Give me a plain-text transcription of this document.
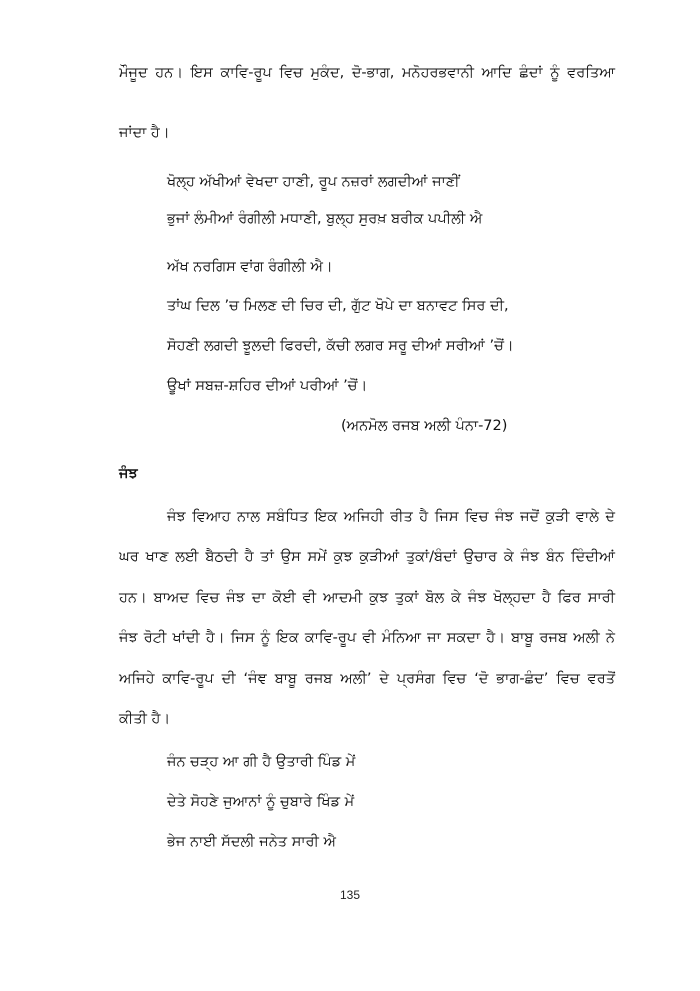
ਮੌਜੂਦ ਹਨ। ਇਸ ਕਾਵਿ-ਰੂਪ ਵਿਚ ਮੁਕੰਦ, ਦੋ-ਭਾਗ, ਮਨੋਹਰਭਵਾਨੀ ਆਦਿ ਛੰਦਾਂ ਨੂੰ ਵਰਤਿਆ
ਜਾਂਦਾ ਹੈ।
ਖੋਲ੍ਹ ਅੱਖੀਆਂ ਵੇਖਦਾ ਹਾਣੀ, ਰੂਪ ਨਜ਼ਰਾਂ ਲਗਦੀਆਂ ਜਾਣੀਂ
ਭੁਜਾਂ ਲੰਮੀਆਂ ਰੰਗੀਲੀ ਮਧਾਣੀ, ਬੁਲ੍ਹ ਸੁਰਖ਼ ਬਰੀਕ ਪਪੀਲੀ ਐ
ਅੱਖ ਨਰਗਿਸ ਵਾਂਗ ਰੰਗੀਲੀ ਐ।
ਤਾਂਘ ਦਿਲ ’ਚ ਮਿਲਣ ਦੀ ਚਿਰ ਦੀ, ਗੁੱਟ ਖੋਪੇ ਦਾ ਬਨਾਵਟ ਸਿਰ ਦੀ,
ਸੋਹਣੀ ਲਗਦੀ ਝੂਲਦੀ ਫਿਰਦੀ, ਕੱਚੀ ਲਗਰ ਸਰੂ ਦੀਆਂ ਸਰੀਆਂ ’ਚੋਂ।
ਊਖਾਂ ਸਬਜ਼-ਸ਼ਹਿਰ ਦੀਆਂ ਪਰੀਆਂ ’ਚੋਂ।
(ਅਨਮੋਲ ਰਜਬ ਅਲੀ ਪੰਨਾ-72)
ਜੰਝ
ਜੰਝ ਵਿਆਹ ਨਾਲ ਸਬੰਧਿਤ ਇਕ ਅਜਿਹੀ ਰੀਤ ਹੈ ਜਿਸ ਵਿਚ ਜੰਝ ਜਦੋਂ ਕੁੜੀ ਵਾਲੇ ਦੇ
ਘਰ ਖਾਣ ਲਈ ਬੈਠਦੀ ਹੈ ਤਾਂ ਉਸ ਸਮੇਂ ਕੁਝ ਕੁੜੀਆਂ ਤੁਕਾਂ/ਬੰਦਾਂ ਉਚਾਰ ਕੇ ਜੰਝ ਬੰਨ ਦਿੰਦੀਆਂ
ਹਨ। ਬਾਅਦ ਵਿਚ ਜੰਝ ਦਾ ਕੋਈ ਵੀ ਆਦਮੀ ਕੁਝ ਤੁਕਾਂ ਬੋਲ ਕੇ ਜੰਝ ਖੋਲ੍ਹਦਾ ਹੈ ਫਿਰ ਸਾਰੀ
ਜੰਝ ਰੋਟੀ ਖਾਂਦੀ ਹੈ। ਜਿਸ ਨੂੰ ਇਕ ਕਾਵਿ-ਰੂਪ ਵੀ ਮੰਨਿਆ ਜਾ ਸਕਦਾ ਹੈ। ਬਾਬੂ ਰਜਬ ਅਲੀ ਨੇ
ਅਜਿਹੇ ਕਾਵਿ-ਰੂਪ ਦੀ ‘ਜੰਞ ਬਾਬੂ ਰਜਬ ਅਲੀ’ ਦੇ ਪ੍ਰਸੰਗ ਵਿਚ ‘ਦੋ ਭਾਗ-ਛੰਦ’ ਵਿਚ ਵਰਤੋਂ
ਕੀਤੀ ਹੈ।
ਜੰਨ ਚੜ੍ਹ ਆ ਗੀ ਹੈ ਉਤਾਰੀ ਪਿੰਡ ਮੇਂ
ਦੇਤੇ ਸੋਹਣੇ ਜੁਆਨਾਂ ਨੂੰ ਚੁਬਾਰੇ ਖਿੰਡ ਮੇਂ
ਭੇਜ ਨਾਈ ਸੱਦਲੀ ਜਨੇਤ ਸਾਰੀ ਐ
135
